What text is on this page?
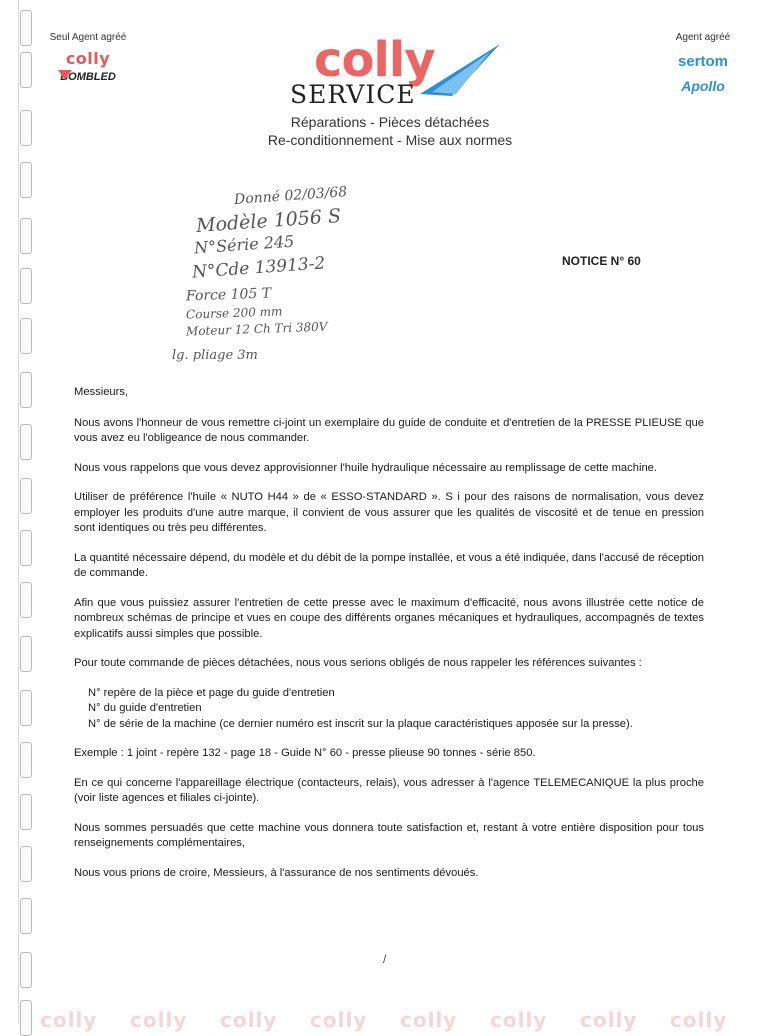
Seul Agent agréé
colly
BOMBLED
Agent agréé
sertom
Apollo
colly
SERVICE
Réparations - Pièces détachées
Re-conditionnement - Mise aux normes
Donné 02/03/68
Modèle 1056 S
N°Série 245
N°Cde 13913-2
Force 105 T
Course 200 mm
Moteur 12 Ch Tri 380V
lg. pliage 3m
NOTICE N° 60

Messieurs,

Nous avons l'honneur de vous remettre ci-joint un exemplaire du guide de conduite et d'entretien de la PRESSE PLIEUSE que vous avez eu l'obligeance de nous commander.

Nous vous rappelons que vous devez approvisionner l'huile hydraulique nécessaire au remplissage de cette machine.

Utiliser de préférence l'huile « NUTO H44 » de « ESSO-STANDARD ». S i pour des raisons de normalisation, vous devez employer les produits d'une autre marque, il convient de vous assurer que les qualités de viscosité et de tenue en pression sont identiques ou très peu différentes.

La quantité nécessaire dépend, du modèle et du débit de la pompe installée, et vous a été indiquée, dans l'accusé de réception de commande.

Afin que vous puissiez assurer l'entretien de cette presse avec le maximum d'efficacité, nous avons illustrée cette notice de nombreux schémas de principe et vues en coupe des différents organes mécaniques et hydrauliques, accompagnés de textes explicatifs aussi simples que possible.

Pour toute commande de pièces détachées, nous vous serions obligés de nous rappeler les références suivantes :

N° repère de la pièce et page du guide d'entretien
N° du guide d'entretien
N° de série de la machine (ce dernier numéro est inscrit sur la plaque caractéristiques apposée sur la presse).

Exemple : 1 joint - repère 132 - page 18 - Guide N° 60 - presse plieuse 90 tonnes - série 850.

En ce qui concerne l'appareillage électrique (contacteurs, relais), vous adresser à l'agence TELEMECANIQUE la plus proche (voir liste agences et filiales ci-jointe).

Nous sommes persuadés que cette machine vous donnera toute satisfaction et, restant à votre entière disposition pour tous renseignements complémentaires,

Nous vous prions de croire, Messieurs, à l'assurance de nos sentiments dévoués.

/
colly colly colly colly colly colly colly colly
